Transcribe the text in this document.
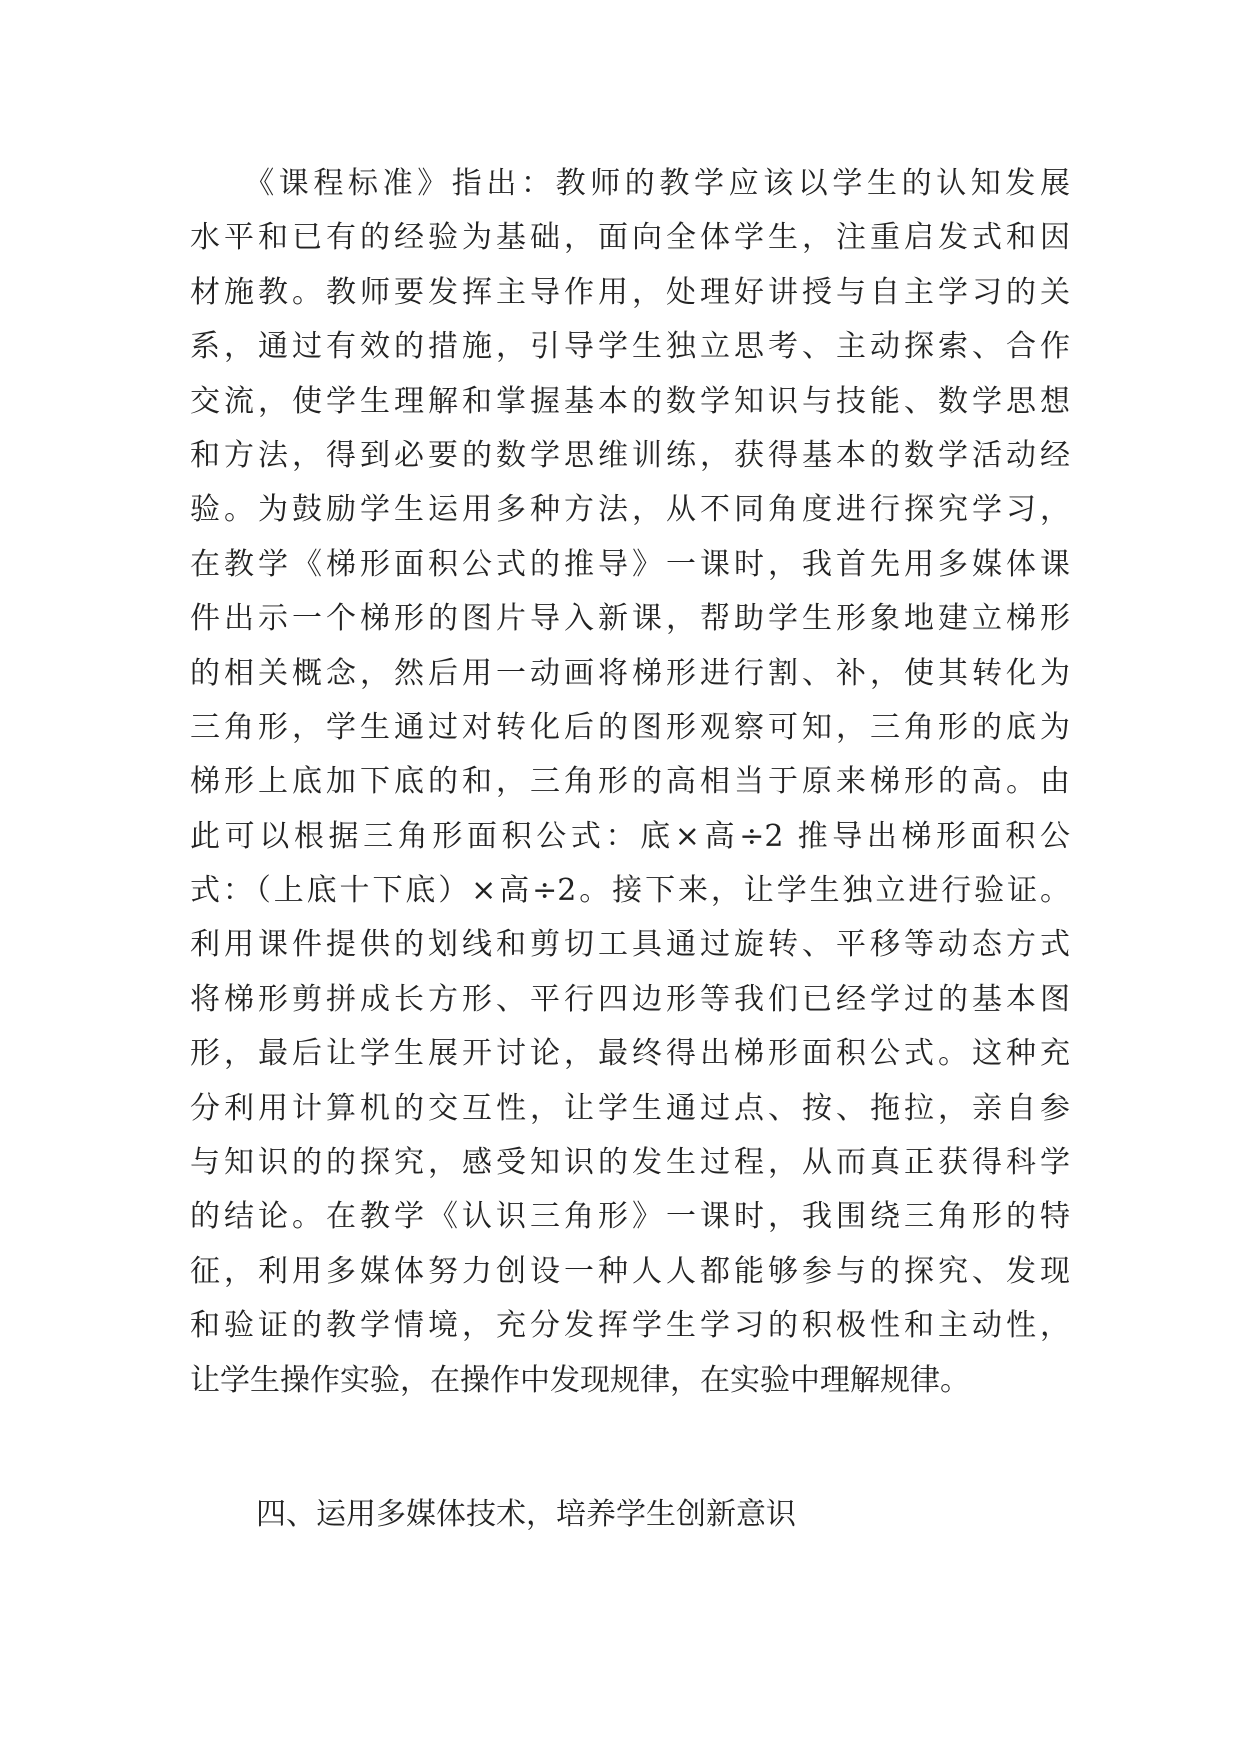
　　《课程标准》指出：教师的教学应该以学生的认知发展
水平和已有的经验为基础，面向全体学生，注重启发式和因
材施教。教师要发挥主导作用，处理好讲授与自主学习的关
系，通过有效的措施，引导学生独立思考、主动探索、合作
交流，使学生理解和掌握基本的数学知识与技能、数学思想
和方法，得到必要的数学思维训练，获得基本的数学活动经
验。为鼓励学生运用多种方法，从不同角度进行探究学习，
在教学《梯形面积公式的推导》一课时，我首先用多媒体课
件出示一个梯形的图片导入新课，帮助学生形象地建立梯形
的相关概念，然后用一动画将梯形进行割、补，使其转化为
三角形，学生通过对转化后的图形观察可知，三角形的底为
梯形上底加下底的和，三角形的高相当于原来梯形的高。由
此可以根据三角形面积公式：底×高÷2 推导出梯形面积公
式：（上底十下底）×高÷2。接下来，让学生独立进行验证。
利用课件提供的划线和剪切工具通过旋转、平移等动态方式
将梯形剪拼成长方形、平行四边形等我们已经学过的基本图
形，最后让学生展开讨论，最终得出梯形面积公式。这种充
分利用计算机的交互性，让学生通过点、按、拖拉，亲自参
与知识的的探究，感受知识的发生过程，从而真正获得科学
的结论。在教学《认识三角形》一课时，我围绕三角形的特
征，利用多媒体努力创设一种人人都能够参与的探究、发现
和验证的教学情境，充分发挥学生学习的积极性和主动性，
让学生操作实验，在操作中发现规律，在实验中理解规律。
四、运用多媒体技术，培养学生创新意识
